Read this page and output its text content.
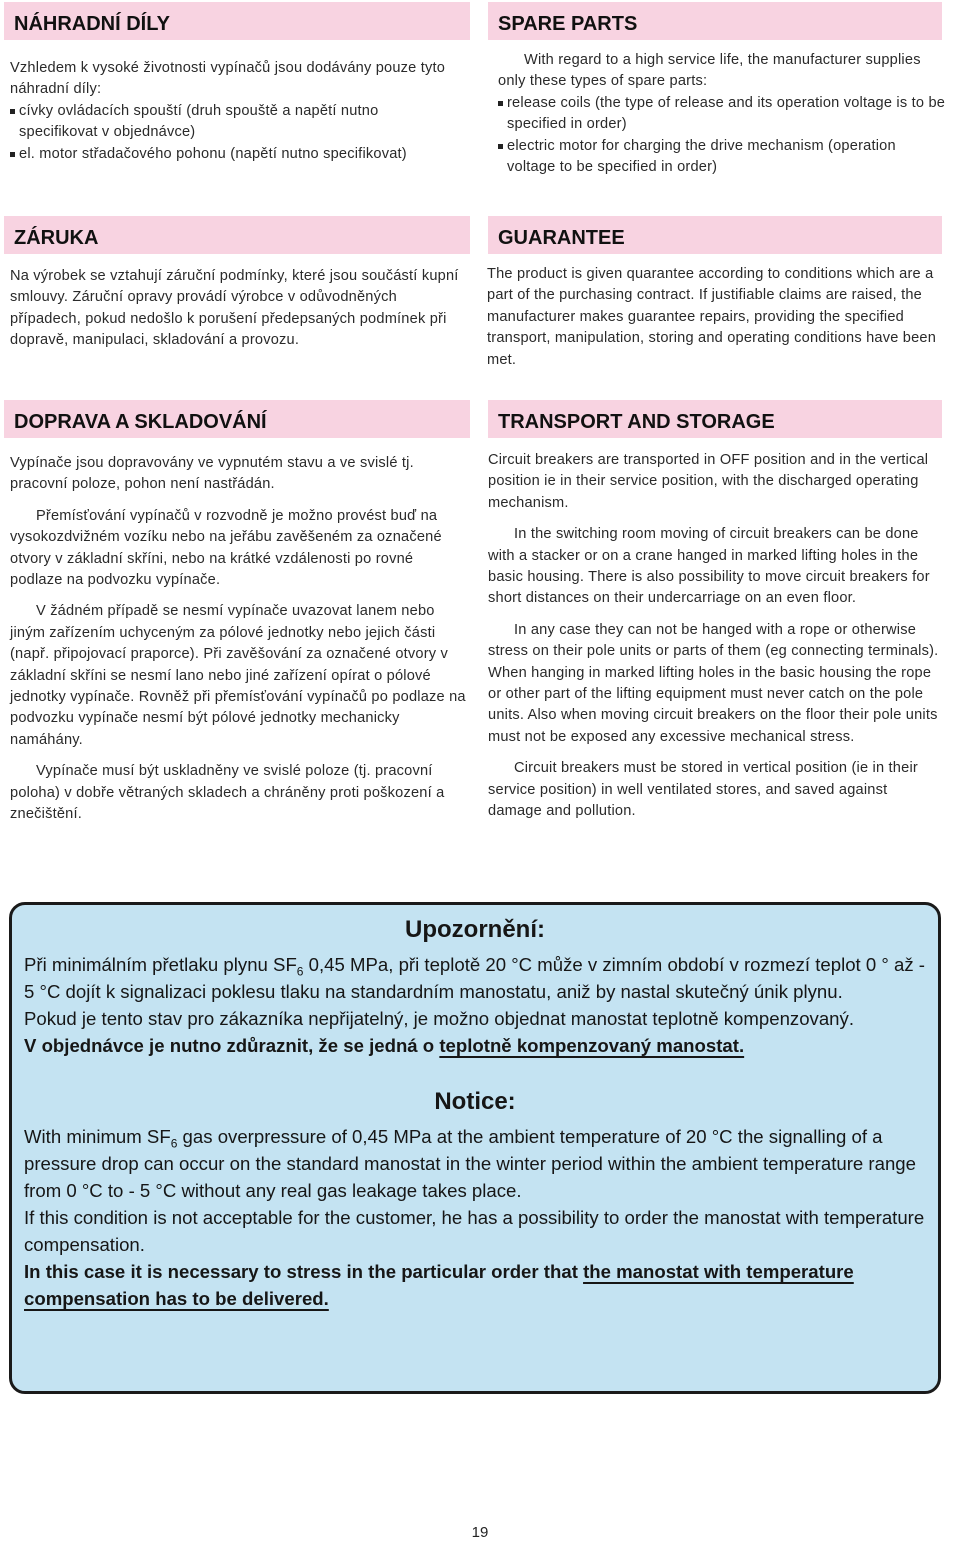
NÁHRADNÍ DÍLY	SPARE PARTS

Vzhledem k vysoké životnosti vypínačů jsou dodávány pouze tyto náhradní díly:

cívky ovládacích spouští (druh spouště a napětí nutno specifikovat v objednávce)
el. motor střadačového pohonu (napětí nutno specifikovat)

With regard to a high service life, the manufacturer supplies only these types of spare parts:

release coils (the type of release and its operation voltage is to be specified in order)
electric motor for charging the drive mechanism (operation voltage to be specified in order)
ZÁRUKA	GUARANTEE

Na výrobek se vztahují záruční podmínky, které jsou součástí kupní smlouvy. Záruční opravy provádí výrobce v odůvodněných případech, pokud nedošlo k porušení předepsaných podmínek při dopravě, manipulaci, skladování a provozu.

The product is given quarantee according to conditions which are a part of the purchasing contract. If justifiable claims are raised, the manufacturer makes guarantee repairs, providing the specified transport, manipulation, storing and operating conditions have been met.

DOPRAVA A SKLADOVÁNÍ	TRANSPORT AND STORAGE

Vypínače jsou dopravovány ve vypnutém stavu a ve svislé tj. pracovní poloze, pohon není nastřádán.

Přemísťování vypínačů v rozvodně je možno provést buď na vysokozdvižném vozíku nebo na jeřábu zavěšeném za označené otvory v základní skříni, nebo na krátké vzdálenosti po rovné podlaze na podvozku vypínače.

V žádném případě se nesmí vypínače uvazovat lanem nebo jiným zařízením uchyceným za pólové jednotky nebo jejich části (např. připojovací praporce). Při zavěšování za označené otvory v základní skříni se nesmí lano nebo jiné zařízení opírat o pólové jednotky vypínače. Rovněž při přemísťování vypínačů po podlaze na podvozku vypínače nesmí být pólové jednotky mechanicky namáhány.

Vypínače musí být uskladněny ve svislé poloze (tj. pracovní poloha) v dobře větraných skladech a chráněny proti poškození a znečištění.

Circuit breakers are transported in OFF position and in the vertical position ie in their service position, with the discharged operating mechanism.

In the switching room moving of circuit breakers can be done with a stacker or on a crane hanged in marked lifting holes in the basic housing. There is also possibility to move circuit breakers for short distances on their undercarriage on an even floor.

In any case they can not be hanged with a rope or otherwise stress on their pole units or parts of them (eg connecting terminals). When hanging in marked lifting holes in the basic housing the rope or other part of the lifting equipment must never catch on the pole units. Also when moving circuit breakers on the floor their pole units must not be exposed any excessive mechanical stress.

Circuit breakers must be stored in vertical position (ie in their service position) in well ventilated stores, and saved against damage and pollution.

Upozornění:

Při minimálním přetlaku plynu $SF_6$ 0,45 MPa, při teplotě 20 °C může v zimním období v rozmezí teplot 0 ° až - 5 °C dojít k signalizaci poklesu tlaku na standardním manostatu, aniž by nastal skutečný únik plynu.

Pokud je tento stav pro zákazníka nepřijatelný, je možno objednat manostat teplotně kompenzovaný.

V objednávce je nutno zdůraznit, že se jedná o teplotně kompenzovaný manostat.

Notice:

With minimum $SF_6$ gas overpressure of 0,45 MPa at the ambient temperature of 20 °C the signalling of a pressure drop can occur on the standard manostat in the winter period within the ambient temperature range from 0 °C to - 5 °C without any real gas leakage takes place.

If this condition is not acceptable for the customer, he has a possibility to order the manostat with temperature compensation.

In this case it is necessary to stress in the particular order that the manostat with temperature compensation has to be delivered.

19
